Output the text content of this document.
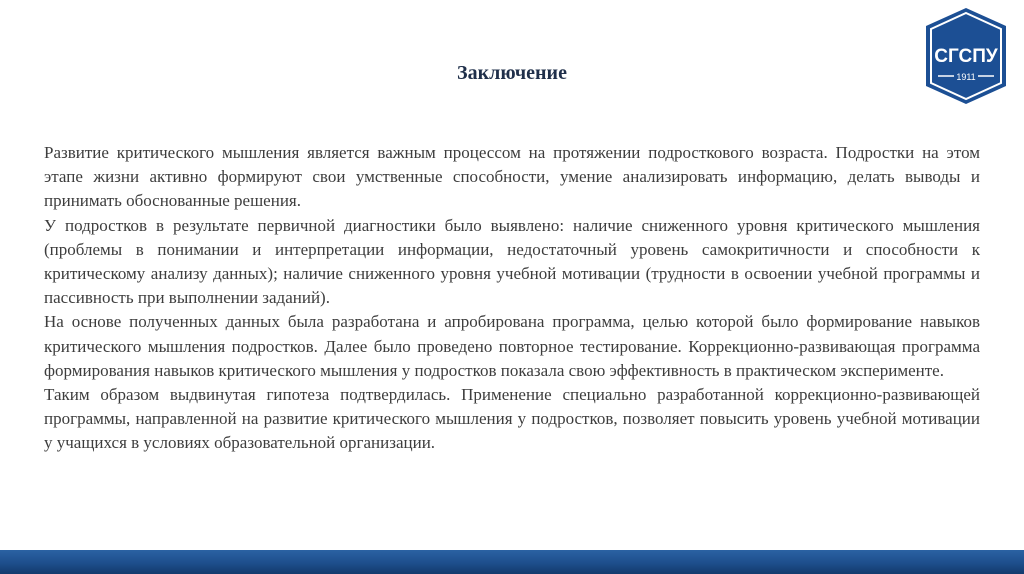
СГСПУ
1911
Заключение

Развитие критического мышления является важным процессом на протяжении подросткового возраста. Подростки на этом этапе жизни активно формируют свои умственные способности, умение анализировать информацию, делать выводы и принимать обоснованные решения.

У подростков в результате первичной диагностики было выявлено: наличие сниженного уровня критического мышления (проблемы в понимании и интерпретации информации, недостаточный уровень самокритичности и способности к критическому анализу данных); наличие сниженного уровня учебной мотивации (трудности в освоении учебной программы и пассивность при выполнении заданий).

На основе полученных данных была разработана и апробирована программа, целью которой было формирование навыков критического мышления подростков. Далее было проведено повторное тестирование. Коррекционно-развивающая программа формирования навыков критического мышления у подростков показала свою эффективность в практическом эксперименте.

Таким образом выдвинутая гипотеза подтвердилась. Применение специально разработанной коррекционно-развивающей программы, направленной на развитие критического мышления у подростков, позволяет повысить уровень учебной мотивации у учащихся в условиях образовательной организации.
